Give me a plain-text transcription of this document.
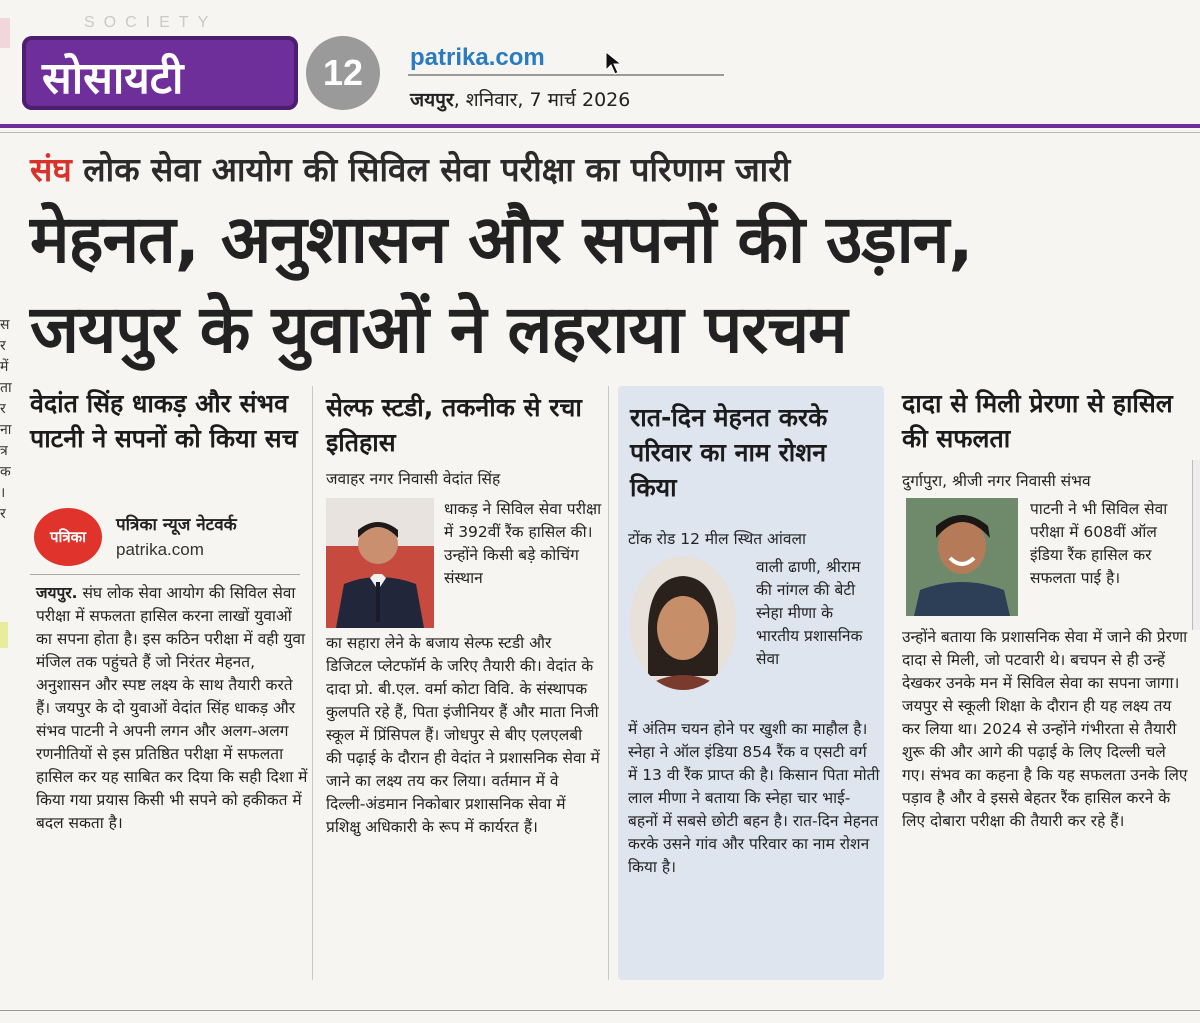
SOCIETY
सोसायटी	12	patrika.com
जयपुर, शनिवार, 7 मार्च 2026
स
र
में
ता
र
ना
त्र
क
।
र
संघ लोक सेवा आयोग की सिविल सेवा परीक्षा का परिणाम जारी
मेहनत, अनुशासन और सपनों की उड़ान,
जयपुर के युवाओं ने लहराया परचम
वेदांत सिंह धाकड़ और संभव पाटनी ने सपनों को किया सच
पत्रिका
पत्रिका न्यूज नेटवर्क
patrika.com
जयपुर. संघ लोक सेवा आयोग की सिविल सेवा परीक्षा में सफलता हासिल करना लाखों युवाओं का सपना होता है। इस कठिन परीक्षा में वही युवा मंजिल तक पहुंचते हैं जो निरंतर मेहनत, अनुशासन और स्पष्ट लक्ष्य के साथ तैयारी करते हैं। जयपुर के दो युवाओं वेदांत सिंह धाकड़ और संभव पाटनी ने अपनी लगन और अलग-अलग रणनीतियों से इस प्रतिष्ठित परीक्षा में सफलता हासिल कर यह साबित कर दिया कि सही दिशा में किया गया प्रयास किसी भी सपने को हकीकत में बदल सकता है।
सेल्फ स्टडी, तकनीक से रचा इतिहास
जवाहर नगर निवासी वेदांत सिंह
धाकड़ ने सिविल सेवा परीक्षा में 392वीं रैंक हासिल की। उन्होंने किसी बड़े कोचिंग संस्थान
का सहारा लेने के बजाय सेल्फ स्टडी और डिजिटल प्लेटफॉर्म के जरिए तैयारी की। वेदांत के दादा प्रो. बी.एल. वर्मा कोटा विवि. के संस्थापक कुलपति रहे हैं, पिता इंजीनियर हैं और माता निजी स्कूल में प्रिंसिपल हैं। जोधपुर से बीए एलएलबी की पढ़ाई के दौरान ही वेदांत ने प्रशासनिक सेवा में जाने का लक्ष्य तय कर लिया। वर्तमान में वे दिल्ली-अंडमान निकोबार प्रशासनिक सेवा में प्रशिक्षु अधिकारी के रूप में कार्यरत हैं।
रात-दिन मेहनत करके परिवार का नाम रोशन किया
टोंक रोड 12 मील स्थित आंवला
वाली ढाणी, श्रीराम की नांगल की बेटी स्नेहा मीणा के भारतीय प्रशासनिक सेवा
में अंतिम चयन होने पर खुशी का माहौल है। स्नेहा ने ऑल इंडिया 854 रैंक व एसटी वर्ग में 13 वी रैंक प्राप्त की है। किसान पिता मोती लाल मीणा ने बताया कि स्नेहा चार भाई-बहनों में सबसे छोटी बहन है। रात-दिन मेहनत करके उसने गांव और परिवार का नाम रोशन किया है।
दादा से मिली प्रेरणा से हासिल की सफलता
दुर्गापुरा, श्रीजी नगर निवासी संभव
पाटनी ने भी सिविल सेवा परीक्षा में 608वीं ऑल इंडिया रैंक हासिल कर सफलता पाई है।
उन्होंने बताया कि प्रशासनिक सेवा में जाने की प्रेरणा दादा से मिली, जो पटवारी थे। बचपन से ही उन्हें देखकर उनके मन में सिविल सेवा का सपना जागा। जयपुर से स्कूली शिक्षा के दौरान ही यह लक्ष्य तय कर लिया था। 2024 से उन्होंने गंभीरता से तैयारी शुरू की और आगे की पढ़ाई के लिए दिल्ली चले गए। संभव का कहना है कि यह सफलता उनके लिए पड़ाव है और वे इससे बेहतर रैंक हासिल करने के लिए दोबारा परीक्षा की तैयारी कर रहे हैं।
